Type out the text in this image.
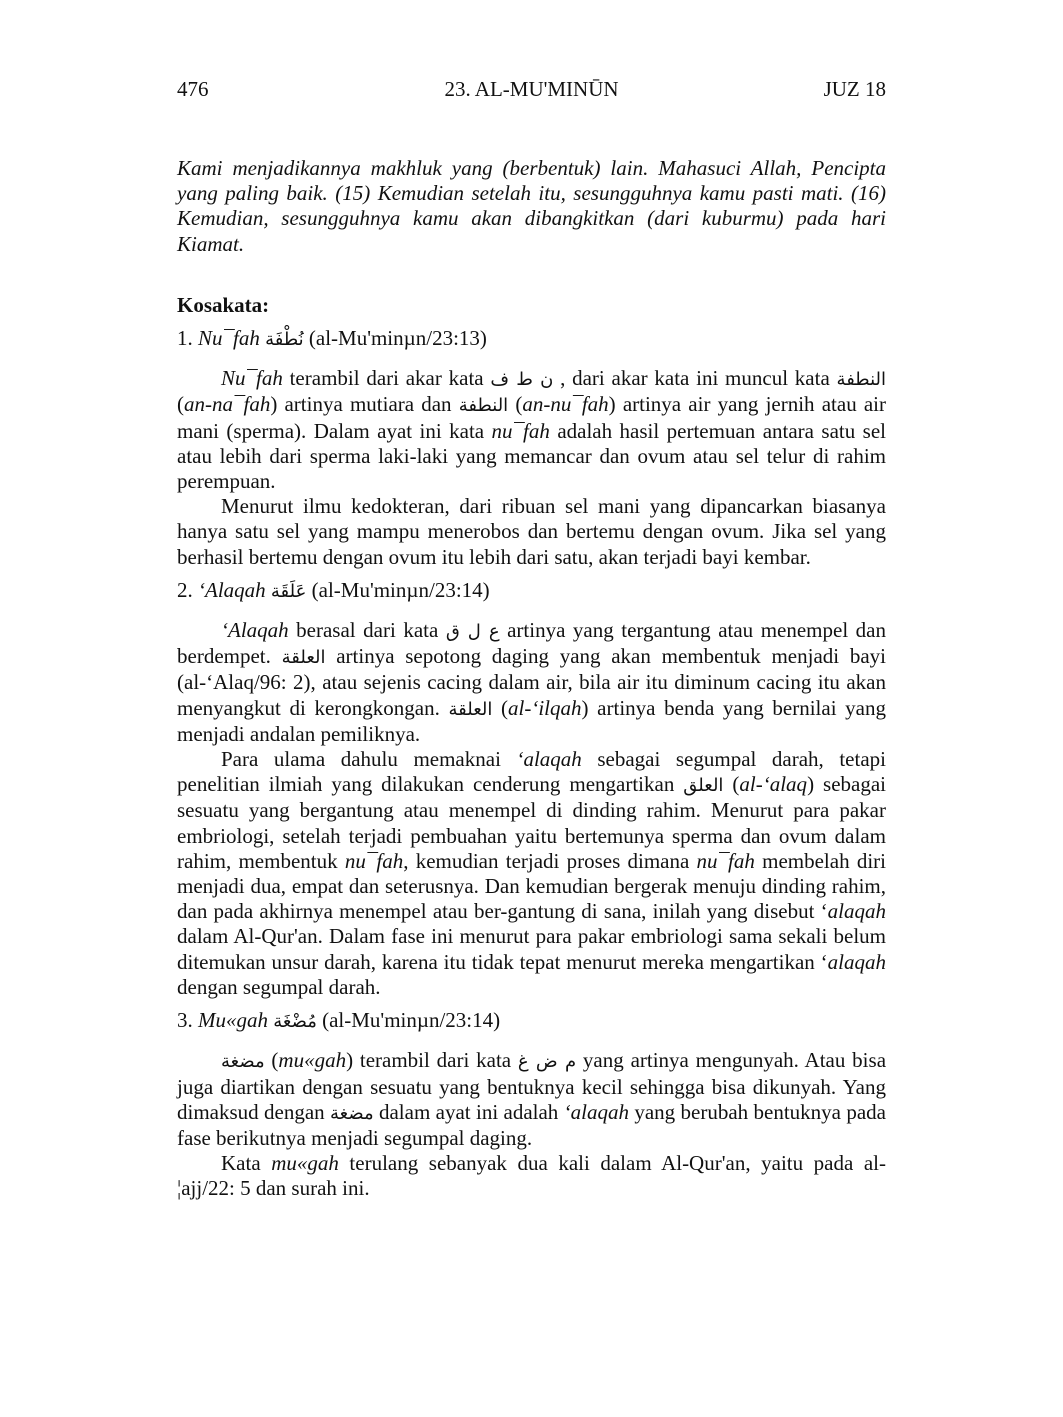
476	23. AL-MU'MINŪN	JUZ 18

Kami menjadikannya makhluk yang (berbentuk) lain. Mahasuci Allah, Pencipta yang paling baik. (15) Kemudian setelah itu, sesungguhnya kamu pasti mati. (16) Kemudian, sesungguhnya kamu akan dibangkitkan (dari kuburmu) pada hari Kiamat.

Kosakata:

1. Nu¯fah نُطْفَة (al-Mu'minµn/23:13)

Nu¯fah terambil dari akar kata ن ط ف , dari akar kata ini muncul kata النطفة (an-na¯fah) artinya mutiara dan النطفة (an-nu¯fah) artinya air yang jernih atau air mani (sperma). Dalam ayat ini kata nu¯fah adalah hasil pertemuan antara satu sel atau lebih dari sperma laki-laki yang memancar dan ovum atau sel telur di rahim perempuan.

Menurut ilmu kedokteran, dari ribuan sel mani yang dipancarkan biasanya hanya satu sel yang mampu menerobos dan bertemu dengan ovum. Jika sel yang berhasil bertemu dengan ovum itu lebih dari satu, akan terjadi bayi kembar.

2. ‘Alaqah عَلَقَة (al-Mu'minµn/23:14)

‘Alaqah berasal dari kata ع ل ق artinya yang tergantung atau menempel dan berdempet. العلقة artinya sepotong daging yang akan membentuk menjadi bayi (al-‘Alaq/96: 2), atau sejenis cacing dalam air, bila air itu diminum cacing itu akan menyangkut di kerongkongan. العلقة (al-‘ilqah) artinya benda yang bernilai yang menjadi andalan pemiliknya.

Para ulama dahulu memaknai ‘alaqah sebagai segumpal darah, tetapi penelitian ilmiah yang dilakukan cenderung mengartikan العلق (al-‘alaq) sebagai sesuatu yang bergantung atau menempel di dinding rahim. Menurut para pakar embriologi, setelah terjadi pembuahan yaitu bertemunya sperma dan ovum dalam rahim, membentuk nu¯fah, kemudian terjadi proses dimana nu¯fah membelah diri menjadi dua, empat dan seterusnya. Dan kemudian bergerak menuju dinding rahim, dan pada akhirnya menempel atau ber-gantung di sana, inilah yang disebut ‘alaqah dalam Al-Qur'an. Dalam fase ini menurut para pakar embriologi sama sekali belum ditemukan unsur darah, karena itu tidak tepat menurut mereka mengartikan ‘alaqah dengan segumpal darah.

3. Mu«gah مُضْغَة (al-Mu'minµn/23:14)

مضغة (mu«gah) terambil dari kata م ض غ yang artinya mengunyah. Atau bisa juga diartikan dengan sesuatu yang bentuknya kecil sehingga bisa dikunyah. Yang dimaksud dengan مضغة dalam ayat ini adalah ‘alaqah yang berubah bentuknya pada fase berikutnya menjadi segumpal daging.

Kata mu«gah terulang sebanyak dua kali dalam Al-Qur'an, yaitu pada al-¦ajj/22: 5 dan surah ini.
